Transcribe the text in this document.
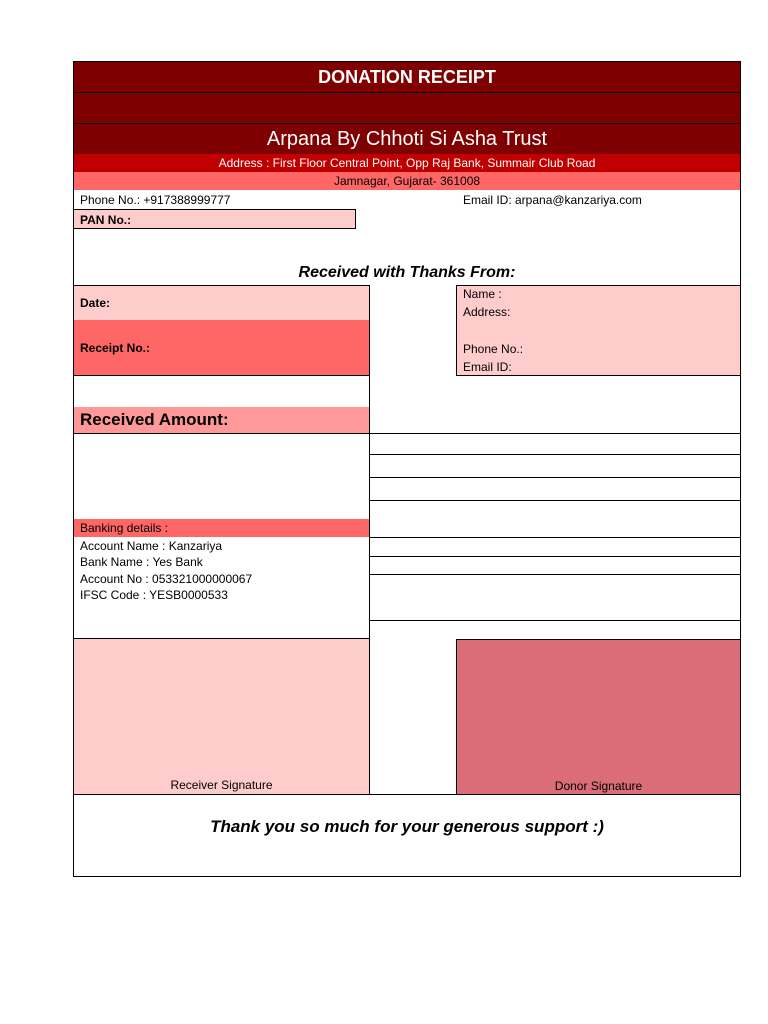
DONATION RECEIPT
Arpana By Chhoti Si Asha Trust
Address : First Floor Central Point, Opp Raj Bank, Summair Club Road
Jamnagar, Gujarat- 361008
Phone No.: +917388999777	Email ID: arpana@kanzariya.com
PAN No.:
Received with Thanks From:
Date:
Receipt No.:
Received Amount:
Banking details :
Account Name : Kanzariya
Bank Name : Yes Bank
Account No : 053321000000067
IFSC Code : YESB0000533
Name :
Address:
Phone No.:
Email ID:
Receiver Signature	Donor Signature
Thank you so much for your generous support :)
